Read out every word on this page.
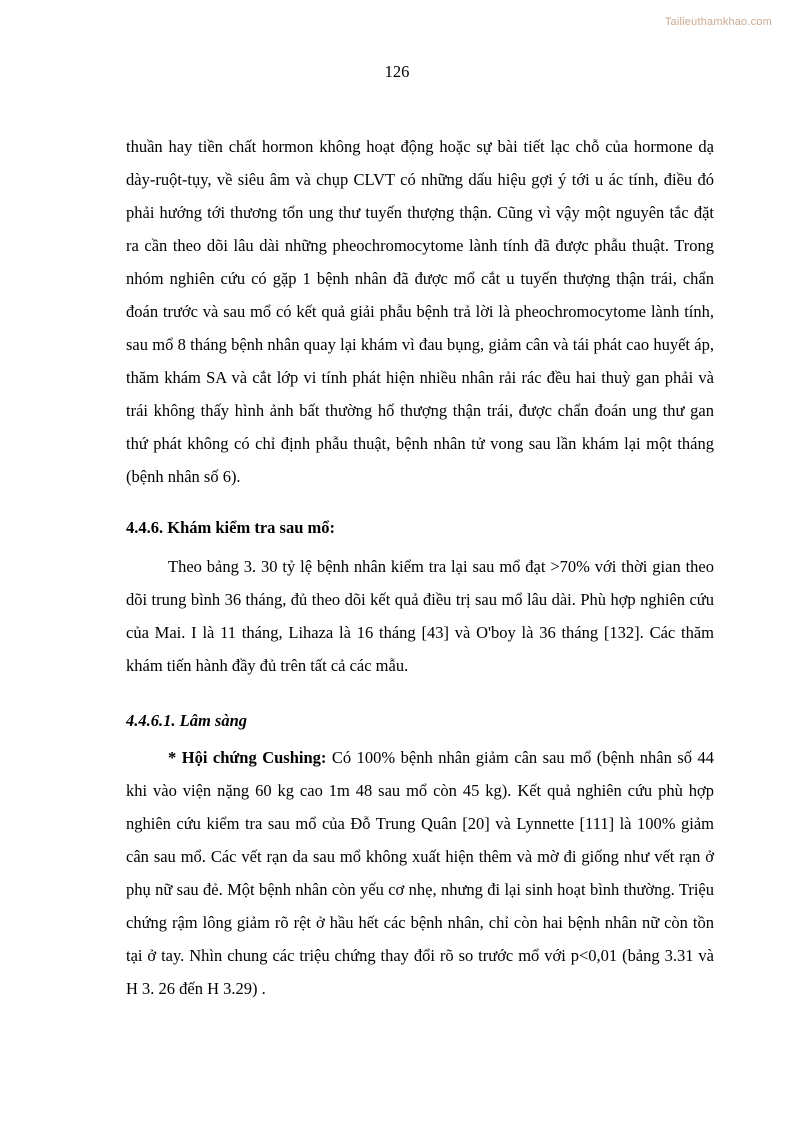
Tailieuthamkhao.com
126

thuần hay tiền chất hormon không hoạt động hoặc sự bài tiết lạc chỗ của hormone dạ dày-ruột-tụy, về siêu âm và chụp CLVT có những dấu hiệu gợi ý tới u ác tính, điều đó phải hướng tới thương tổn ung thư tuyến thượng thận. Cũng vì vậy một nguyên tắc đặt ra cần theo dõi lâu dài những pheochromocytome lành tính đã được phẫu thuật. Trong nhóm nghiên cứu có gặp 1 bệnh nhân đã được mổ cắt u tuyến thượng thận trái, chẩn đoán trước và sau mổ có kết quả giải phẫu bệnh trả lời là pheochromocytome lành tính, sau mổ 8 tháng bệnh nhân quay lại khám vì đau bụng, giảm cân và tái phát cao huyết áp, thăm khám SA và cắt lớp vi tính phát hiện nhiều nhân rải rác đều hai thuỳ gan phải và trái không thấy hình ảnh bất thường hố thượng thận trái, được chẩn đoán ung thư gan thứ phát không có chỉ định phẫu thuật, bệnh nhân tử vong sau lần khám lại một tháng (bệnh nhân số 6).

4.4.6. Khám kiểm tra sau mổ:

Theo bảng 3. 30 tỷ lệ bệnh nhân kiểm tra lại sau mổ đạt >70% với thời gian theo dõi trung bình 36 tháng, đủ theo dõi kết quả điều trị sau mổ lâu dài. Phù hợp nghiên cứu của Mai. I là 11 tháng, Lihaza là 16 tháng [43] và O'boy là 36 tháng [132]. Các thăm khám tiến hành đầy đủ trên tất cả các mẫu.

4.4.6.1. Lâm sàng

* Hội chứng Cushing: Có 100% bệnh nhân giảm cân sau mổ (bệnh nhân số 44 khi vào viện nặng 60 kg cao 1m 48 sau mổ còn 45 kg). Kết quả nghiên cứu phù hợp nghiên cứu kiểm tra sau mổ của Đỗ Trung Quân [20] và Lynnette [111] là 100% giảm cân sau mổ. Các vết rạn da sau mổ không xuất hiện thêm và mờ đi giống như vết rạn ở phụ nữ sau đẻ. Một bệnh nhân còn yếu cơ nhẹ, nhưng đi lại sinh hoạt bình thường. Triệu chứng rậm lông giảm rõ rệt ở hầu hết các bệnh nhân, chỉ còn hai bệnh nhân nữ còn tồn tại ở tay. Nhìn chung các triệu chứng thay đổi rõ so trước mổ với p<0,01 (bảng 3.31 và H 3. 26 đến H 3.29) .
